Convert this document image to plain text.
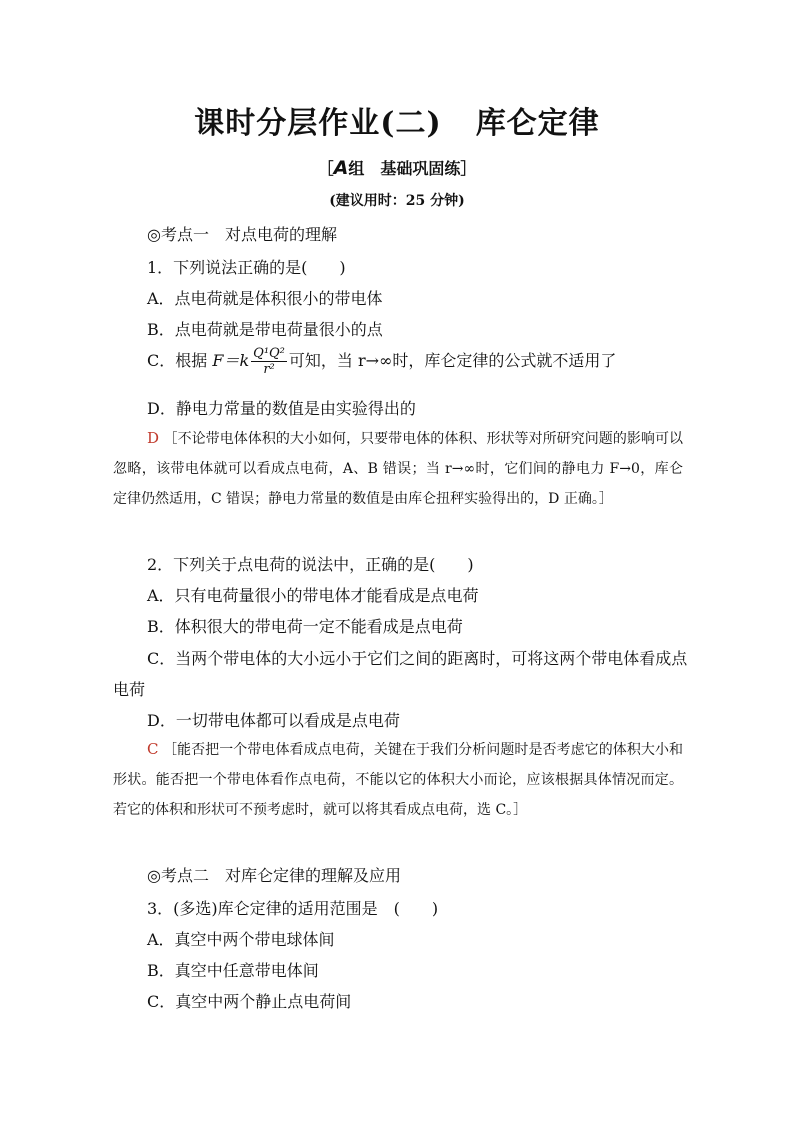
课时分层作业(二) 库仑定律
［A组　基础巩固练］
(建议用时：25 分钟)
◎考点一　对点电荷的理解
1．下列说法正确的是(　　)
A．点电荷就是体积很小的带电体
B．点电荷就是带电荷量很小的点
C．根据 $F=k \frac{\text{Q¹Q²}}{\text{r²}}$ 可知，当 r→∞时，库仑定律的公式就不适用了
D．静电力常量的数值是由实验得出的
D ［不论带电体体积的大小如何，只要带电体的体积、形状等对所研究问题的影响可以忽略，该带电体就可以看成点电荷，A、B 错误；当 r→∞时，它们间的静电力 F→0，库仑定律仍然适用，C 错误；静电力常量的数值是由库仑扭秤实验得出的，D 正确。］
2．下列关于点电荷的说法中，正确的是(　　)
A．只有电荷量很小的带电体才能看成是点电荷
B．体积很大的带电荷一定不能看成是点电荷
C．当两个带电体的大小远小于它们之间的距离时，可将这两个带电体看成点
电荷
D．一切带电体都可以看成是点电荷
C ［能否把一个带电体看成点电荷，关键在于我们分析问题时是否考虑它的体积大小和形状。能否把一个带电体看作点电荷，不能以它的体积大小而论，应该根据具体情况而定。若它的体积和形状可不预考虑时，就可以将其看成点电荷，选 C。］
◎考点二　对库仑定律的理解及应用
3．(多选)库仑定律的适用范围是　(　　)
A．真空中两个带电球体间
B．真空中任意带电体间
C．真空中两个静止点电荷间
